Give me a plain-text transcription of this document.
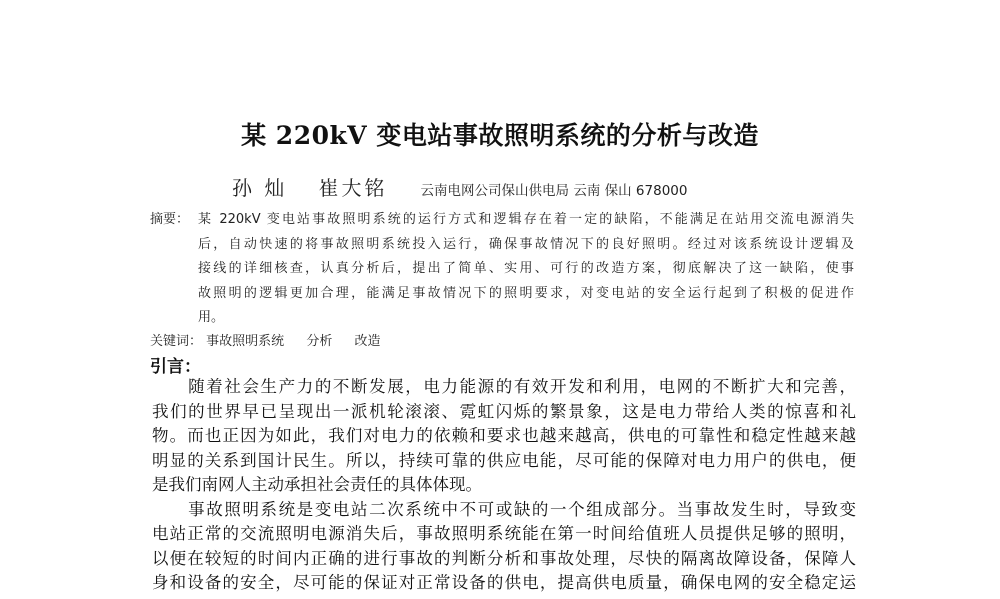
某 220kV 变电站事故照明系统的分析与改造
孙 灿 崔大铭 云南电网公司保山供电局 云南 保山 678000
摘要： 某 220kV 变电站事故照明系统的运行方式和逻辑存在着一定的缺陷，不能满足在站用交流电源消失
后，自动快速的将事故照明系统投入运行，确保事故情况下的良好照明。经过对该系统设计逻辑及
接线的详细核查，认真分析后，提出了简单、实用、可行的改造方案，彻底解决了这一缺陷，使事
故照明的逻辑更加合理，能满足事故情况下的照明要求，对变电站的安全运行起到了积极的促进作
用。
关键词： 事故照明系统 分析 改造
引言：
　　随着社会生产力的不断发展，电力能源的有效开发和利用，电网的不断扩大和完善，
我们的世界早已呈现出一派机轮滚滚、霓虹闪烁的繁景象，这是电力带给人类的惊喜和礼
物。而也正因为如此，我们对电力的依赖和要求也越来越高，供电的可靠性和稳定性越来越
明显的关系到国计民生。所以，持续可靠的供应电能，尽可能的保障对电力用户的供电，便
是我们南网人主动承担社会责任的具体体现。
　　事故照明系统是变电站二次系统中不可或缺的一个组成部分。当事故发生时，导致变
电站正常的交流照明电源消失后，事故照明系统能在第一时间给值班人员提供足够的照明，
以便在较短的时间内正确的进行事故的判断分析和事故处理，尽快的隔离故障设备，保障人
身和设备的安全，尽可能的保证对正常设备的供电，提高供电质量，确保电网的安全稳定运
